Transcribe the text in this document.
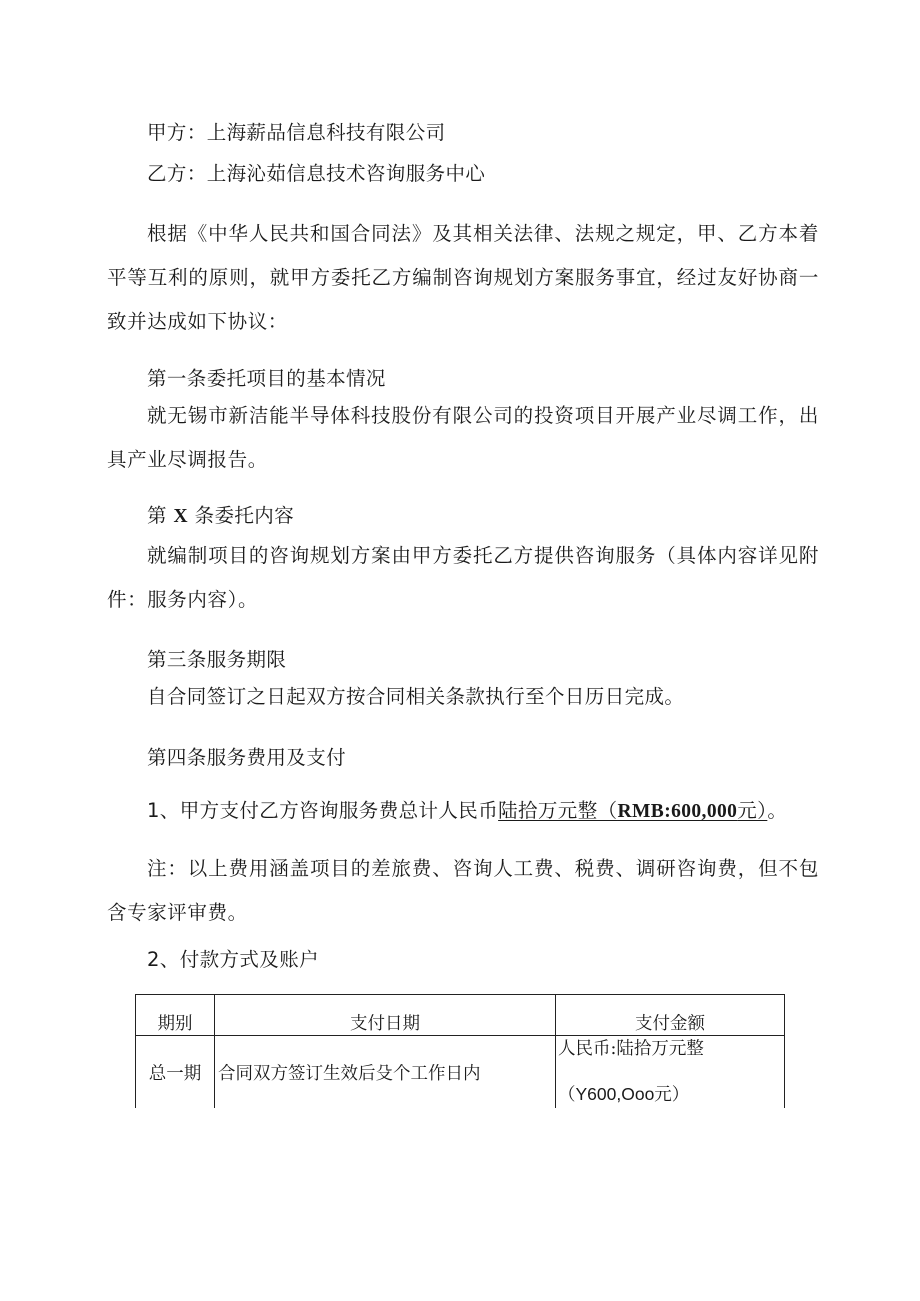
甲方：上海薪品信息科技有限公司
乙方：上海沁茹信息技术咨询服务中心
根据《中华人民共和国合同法》及其相关法律、法规之规定，甲、乙方本着平等互利的原则，就甲方委托乙方编制咨询规划方案服务事宜，经过友好协商一致并达成如下协议：
第一条委托项目的基本情况
就无锡市新洁能半导体科技股份有限公司的投资项目开展产业尽调工作，出具产业尽调报告。
第 X 条委托内容
就编制项目的咨询规划方案由甲方委托乙方提供咨询服务（具体内容详见附件：服务内容）。
第三条服务期限
自合同签订之日起双方按合同相关条款执行至个日历日完成。
第四条服务费用及支付
1、甲方支付乙方咨询服务费总计人民币陆拾万元整（RMB:600,000元）。
注：以上费用涵盖项目的差旅费、咨询人工费、税费、调研咨询费，但不包含专家评审费。
2、付款方式及账户
期别	支付日期	支付金额
总一期	合同双方签订生效后殳个工作日内	人民币:陆拾万元整
（Y600,Ooo元）
